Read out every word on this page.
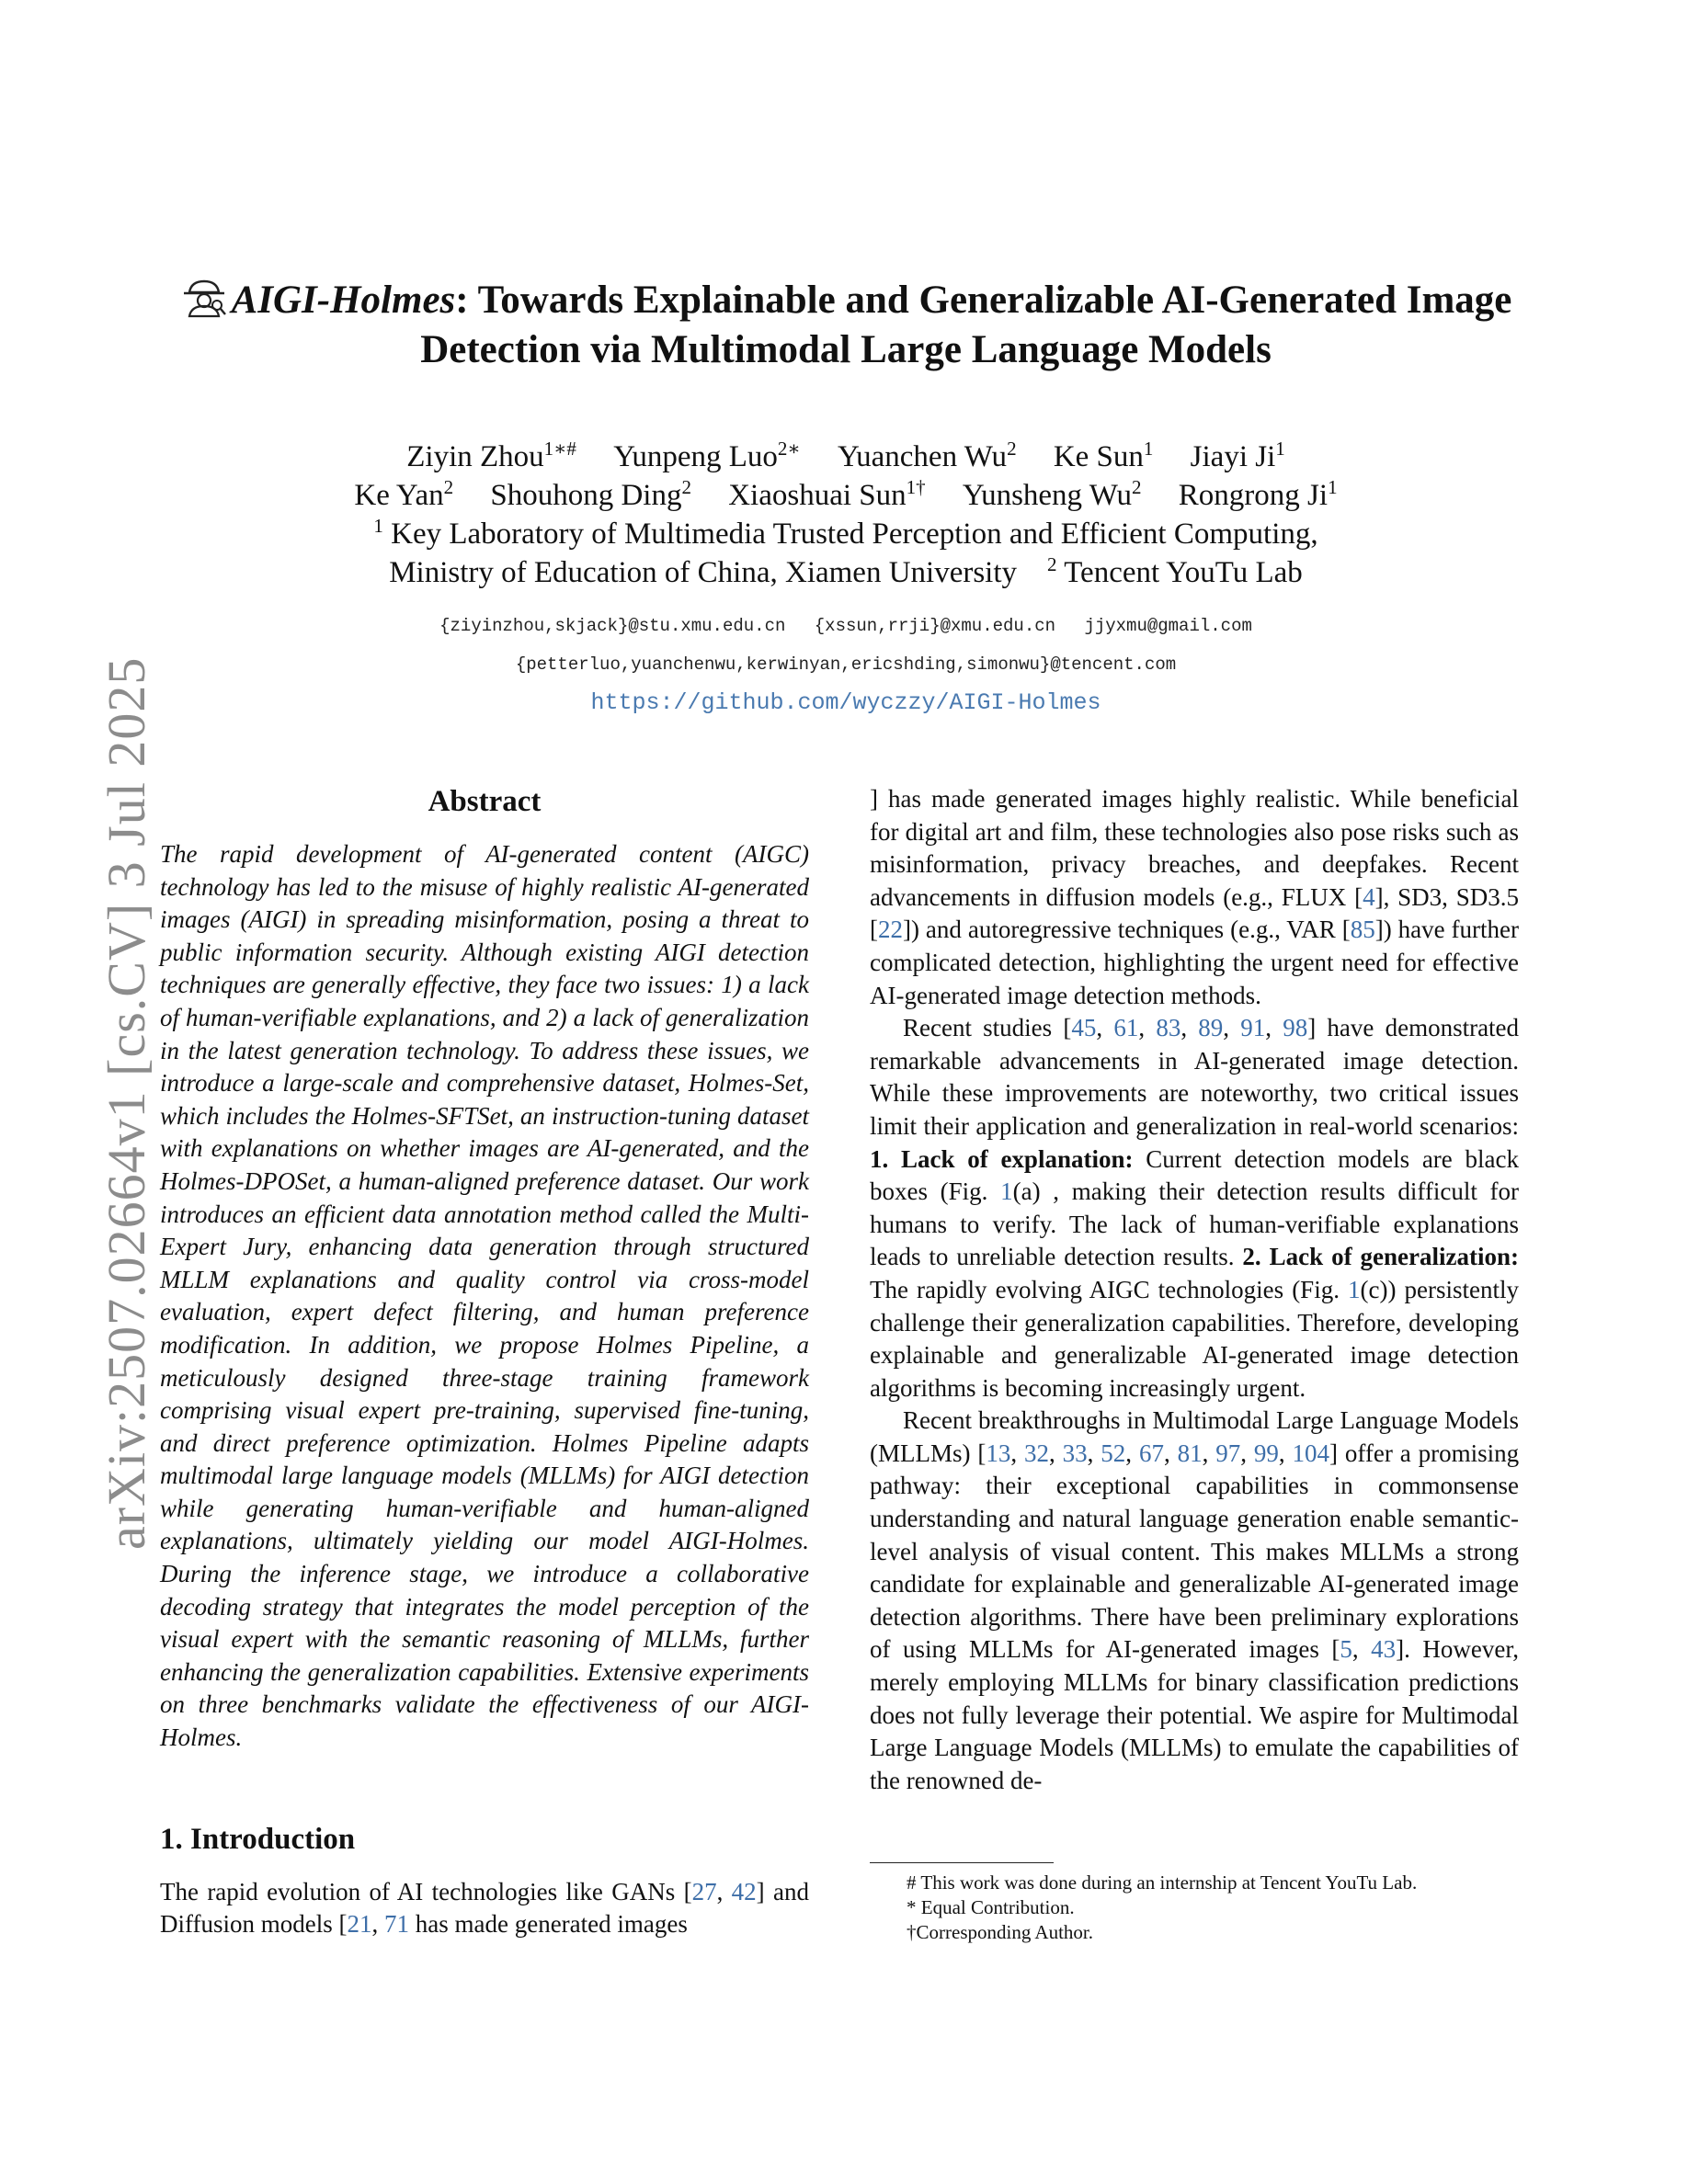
arXiv:2507.02664v1 [cs.CV] 3 Jul 2025
AIGI-Holmes: Towards Explainable and Generalizable AI-Generated Image
Detection via Multimodal Large Language Models
Ziyin Zhou$^{1∗\#}$ Yunpeng Luo$^{2∗}$ Yuanchen Wu$^2$ Ke Sun$^1$ Jiayi Ji$^1$
Ke Yan$^2$ Shouhong Ding$^2$ Xiaoshuai Sun$^{1\dagger}$ Yunsheng Wu$^2$ Rongrong Ji$^1$
$^1$ Key Laboratory of Multimedia Trusted Perception and Efficient Computing,
Ministry of Education of China, Xiamen University $^2$ Tencent YouTu Lab
{ziyinzhou,skjack}@stu.xmu.edu.cn {xssun,rrji}@xmu.edu.cn jjyxmu@gmail.com
{petterluo,yuanchenwu,kerwinyan,ericshding,simonwu}@tencent.com
https://github.com/wyczzy/AIGI-Holmes
Abstract

The rapid development of AI-generated content (AIGC) technology has led to the misuse of highly realistic AI-generated images (AIGI) in spreading misinformation, posing a threat to public information security. Although existing AIGI detection techniques are generally effective, they face two issues: 1) a lack of human-verifiable explanations, and 2) a lack of generalization in the latest generation technology. To address these issues, we introduce a large-scale and comprehensive dataset, Holmes-Set, which includes the Holmes-SFTSet, an instruction-tuning dataset with explanations on whether images are AI-generated, and the Holmes-DPOSet, a human-aligned preference dataset. Our work introduces an efficient data annotation method called the Multi-Expert Jury, enhancing data generation through structured MLLM explanations and quality control via cross-model evaluation, expert defect filtering, and human preference modification. In addition, we propose Holmes Pipeline, a meticulously designed three-stage training framework comprising visual expert pre-training, supervised fine-tuning, and direct preference optimization. Holmes Pipeline adapts multimodal large language models (MLLMs) for AIGI detection while generating human-verifiable and human-aligned explanations, ultimately yielding our model AIGI-Holmes. During the inference stage, we introduce a collaborative decoding strategy that integrates the model perception of the visual expert with the semantic reasoning of MLLMs, further enhancing the generalization capabilities. Extensive experiments on three benchmarks validate the effectiveness of our AIGI-Holmes.

1. Introduction

The rapid evolution of AI technologies like GANs [27, 42] and Diffusion models [21, 71 has made generated images

] has made generated images highly realistic. While beneficial for digital art and film, these technologies also pose risks such as misinformation, privacy breaches, and deepfakes. Recent advancements in diffusion models (e.g., FLUX [4], SD3, SD3.5 [22]) and autoregressive techniques (e.g., VAR [85]) have further complicated detection, highlighting the urgent need for effective AI-generated image detection methods.

Recent studies [45, 61, 83, 89, 91, 98] have demonstrated remarkable advancements in AI-generated image detection. While these improvements are noteworthy, two critical issues limit their application and generalization in real-world scenarios: 1. Lack of explanation: Current detection models are black boxes (Fig. 1(a) , making their detection results difficult for humans to verify. The lack of human-verifiable explanations leads to unreliable detection results. 2. Lack of generalization: The rapidly evolving AIGC technologies (Fig. 1(c)) persistently challenge their generalization capabilities. Therefore, developing explainable and generalizable AI-generated image detection algorithms is becoming increasingly urgent.

Recent breakthroughs in Multimodal Large Language Models (MLLMs) [13, 32, 33, 52, 67, 81, 97, 99, 104] offer a promising pathway: their exceptional capabilities in commonsense understanding and natural language generation enable semantic-level analysis of visual content. This makes MLLMs a strong candidate for explainable and generalizable AI-generated image detection algorithms. There have been preliminary explorations of using MLLMs for AI-generated images [5, 43]. However, merely employing MLLMs for binary classification predictions does not fully leverage their potential. We aspire for Multimodal Large Language Models (MLLMs) to emulate the capabilities of the renowned de-

# This work was done during an internship at Tencent YouTu Lab.
* Equal Contribution.
†Corresponding Author.
